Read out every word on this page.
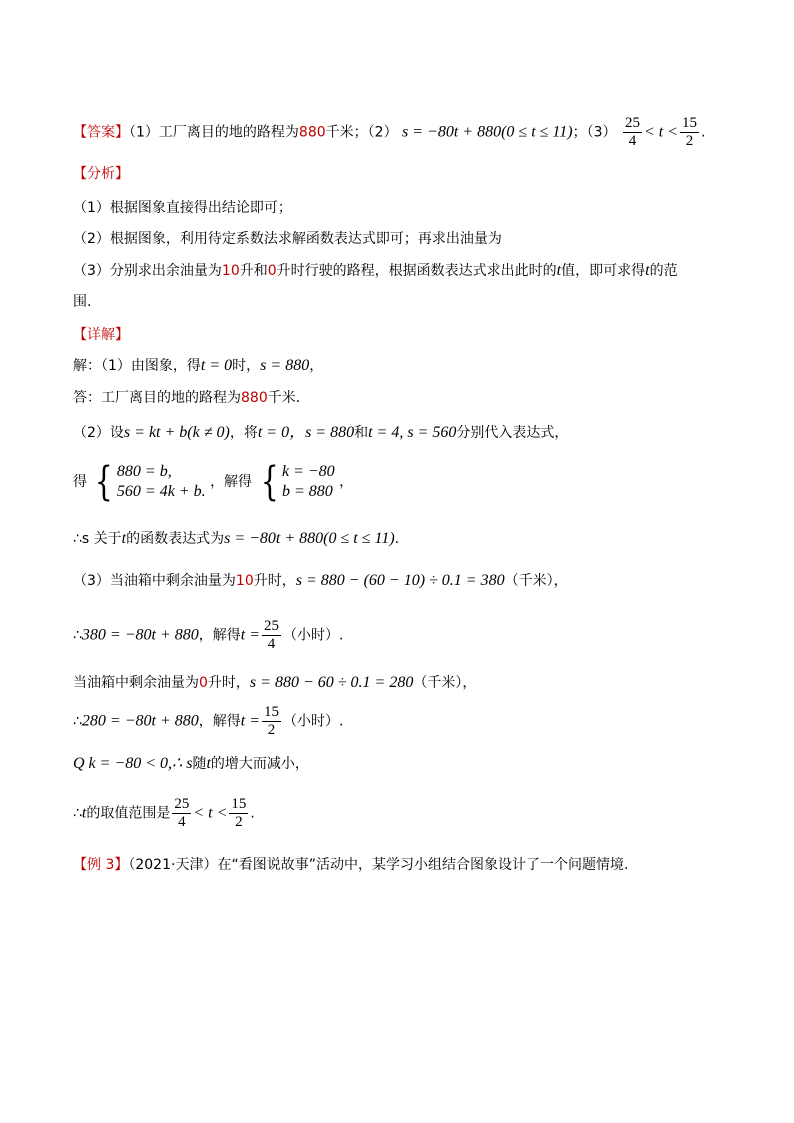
【答案】（1）工厂离目的地的路程为880千米；（2） s = −80t + 880(0 ≤ t ≤ 11)；$(3) \frac{25}{4} < t < \frac{15}{2}$ .
【分析】
（1）根据图象直接得出结论即可；
（2）根据图象，利用待定系数法求解函数表达式即可；再求出油量为
（3）分别求出余油量为10升和0升时行驶的路程，根据函数表达式求出此时的t值，即可求得t的范
围.
【详解】
解：（1）由图象，得t = 0时，s = 880，
答：工厂离目的地的路程为880千米.
（2）设s = kt + b(k ≠ 0)，将t = 0，s = 880和t = 4, s = 560分别代入表达式，
得 { 880 = b,
560 = 4k + b.
，解得 { k = −80
b = 880
，
∴s 关于t的函数表达式为s = −80t + 880(0 ≤ t ≤ 11).
（3）当油箱中剩余油量为10升时，s = 880 − (60 − 10) ÷ 0.1 = 380（千米），
∴380 = −80t + 880，解得$t = \frac{25}{4}$ （小时）.
当油箱中剩余油量为0升时，s = 880 − 60 ÷ 0.1 = 280（千米），
∴280 = −80t + 880，解得$t = \frac{15}{2}$ （小时）.
Q k = −80 < 0,∴ s随t的增大而减小，
∴t的取值范围是 $\frac{25}{4} < t < \frac{15}{2}$ .
【例 3】（2021·天津）在“看图说故事”活动中，某学习小组结合图象设计了一个问题情境.
